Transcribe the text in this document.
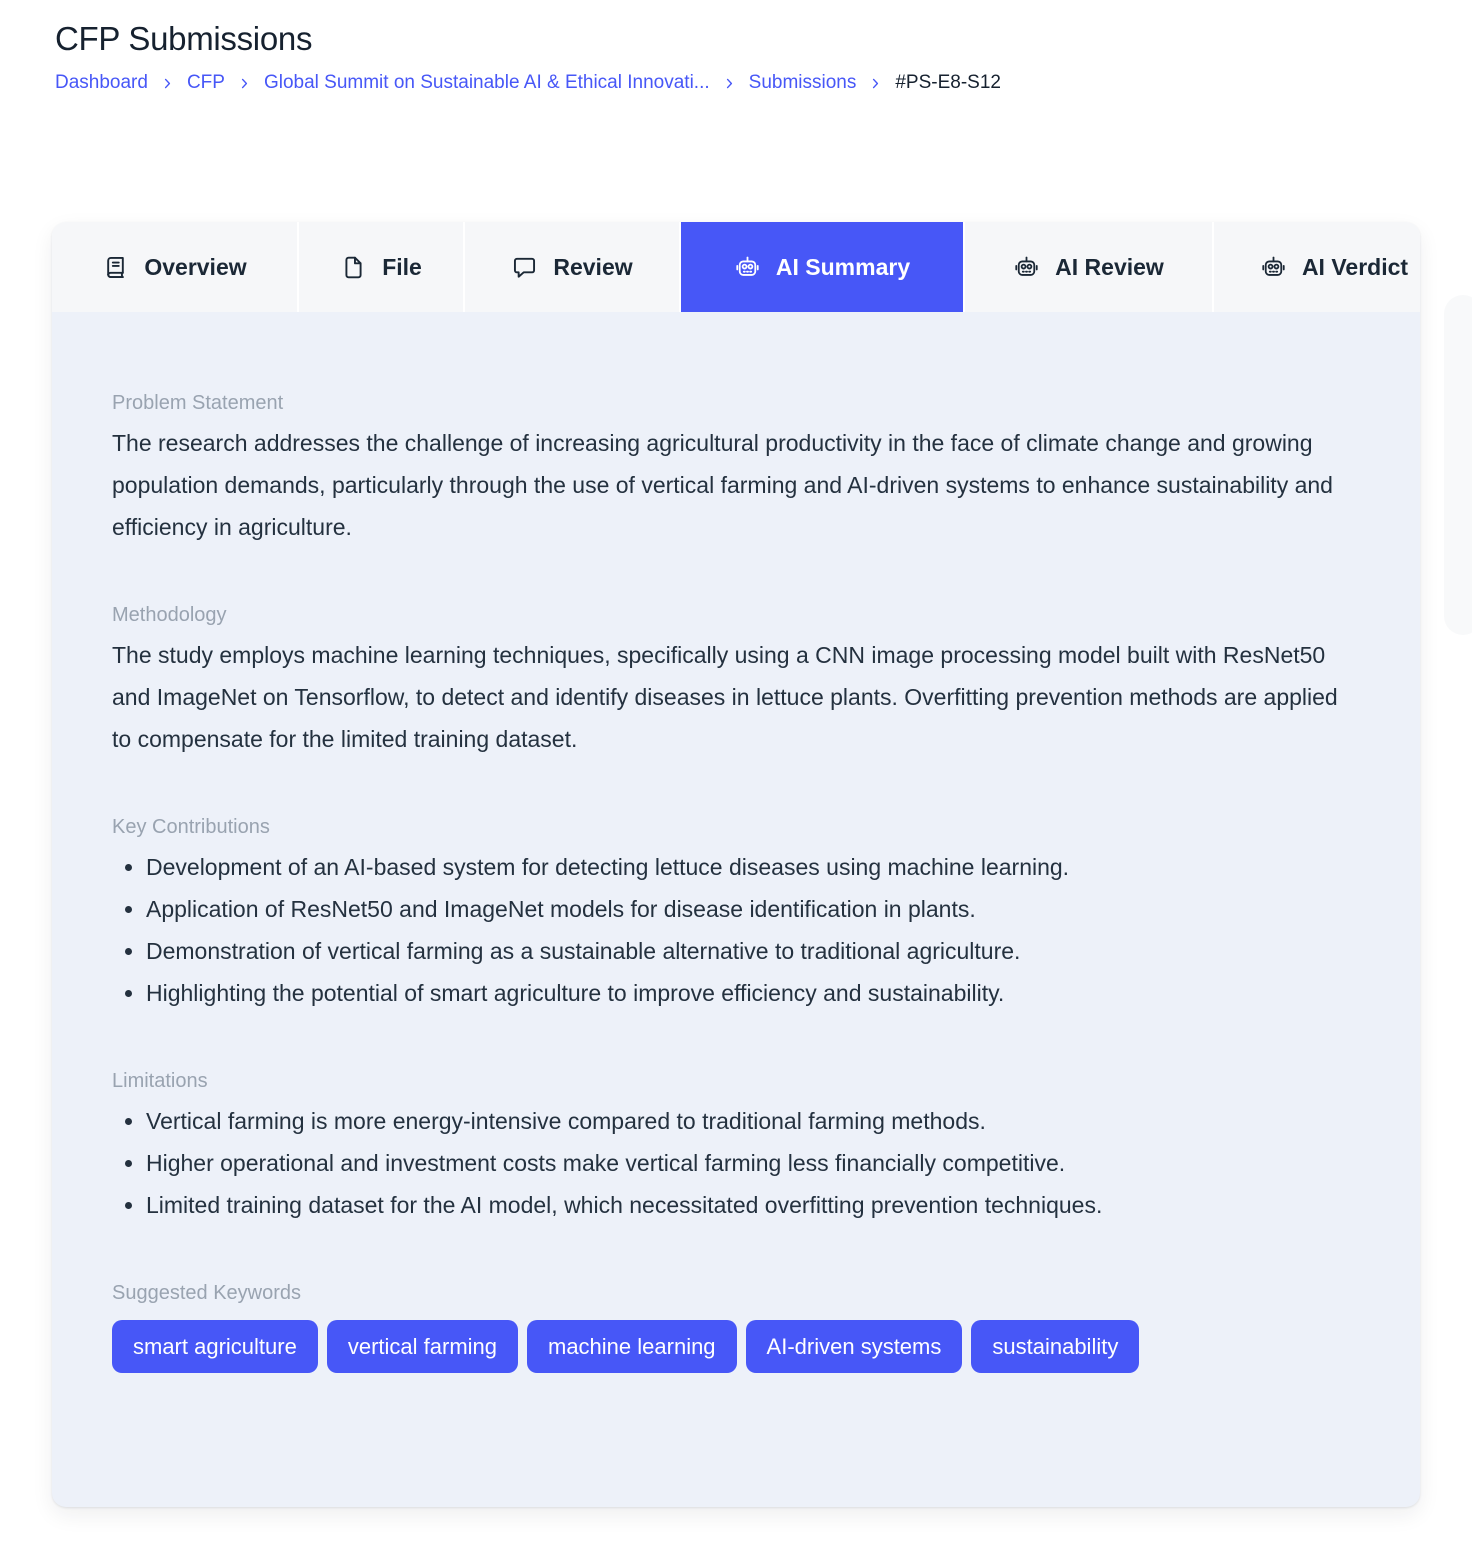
CFP Submissions
Dashboard CFP Global Summit on Sustainable AI & Ethical Innovati... Submissions #PS-E8-S12
Overview	File	Review	AI Summary	AI Review	AI Verdict
Problem Statement

The research addresses the challenge of increasing agricultural productivity in the face of climate change and growing population demands, particularly through the use of vertical farming and AI-driven systems to enhance sustainability and efficiency in agriculture.

Methodology

The study employs machine learning techniques, specifically using a CNN image processing model built with ResNet50 and ImageNet on Tensorflow, to detect and identify diseases in lettuce plants. Overfitting prevention methods are applied to compensate for the limited training dataset.

Key Contributions
• Development of an AI-based system for detecting lettuce diseases using machine learning.
• Application of ResNet50 and ImageNet models for disease identification in plants.
• Demonstration of vertical farming as a sustainable alternative to traditional agriculture.
• Highlighting the potential of smart agriculture to improve efficiency and sustainability.
Limitations
• Vertical farming is more energy-intensive compared to traditional farming methods.
• Higher operational and investment costs make vertical farming less financially competitive.
• Limited training dataset for the AI model, which necessitated overfitting prevention techniques.
Suggested Keywords
smart agriculture	vertical farming	machine learning	AI-driven systems	sustainability
